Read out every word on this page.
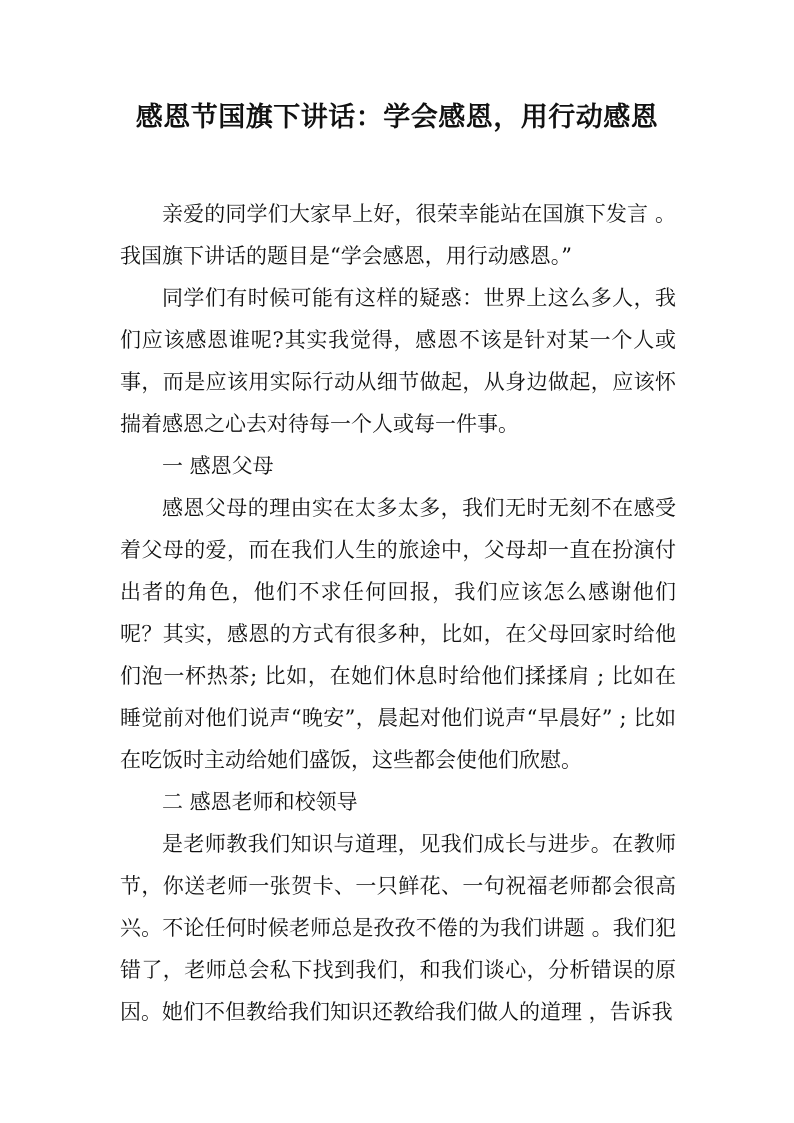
感恩节国旗下讲话：学会感恩，用行动感恩

亲爱的同学们大家早上好，很荣幸能站在国旗下发言 。我国旗下讲话的题目是“学会感恩，用行动感恩。”

同学们有时候可能有这样的疑惑：世界上这么多人，我们应该感恩谁呢?其实我觉得，感恩不该是针对某一个人或事，而是应该用实际行动从细节做起，从身边做起，应该怀揣着感恩之心去对待每一个人或每一件事。

一 感恩父母

感恩父母的理由实在太多太多，我们无时无刻不在感受着父母的爱，而在我们人生的旅途中，父母却一直在扮演付出者的角色，他们不求任何回报，我们应该怎么感谢他们呢？其实，感恩的方式有很多种，比如，在父母回家时给他们泡一杯热茶; 比如，在她们休息时给他们揉揉肩 ; 比如在睡觉前对他们说声“晚安”，晨起对他们说声“早晨好” ; 比如在吃饭时主动给她们盛饭，这些都会使他们欣慰。

二 感恩老师和校领导

是老师教我们知识与道理，见我们成长与进步。在教师节，你送老师一张贺卡、一只鲜花、一句祝福老师都会很高兴。不论任何时候老师总是孜孜不倦的为我们讲题 。我们犯错了，老师总会私下找到我们，和我们谈心，分析错误的原因。她们不但教给我们知识还教给我们做人的道理 ，告诉我
